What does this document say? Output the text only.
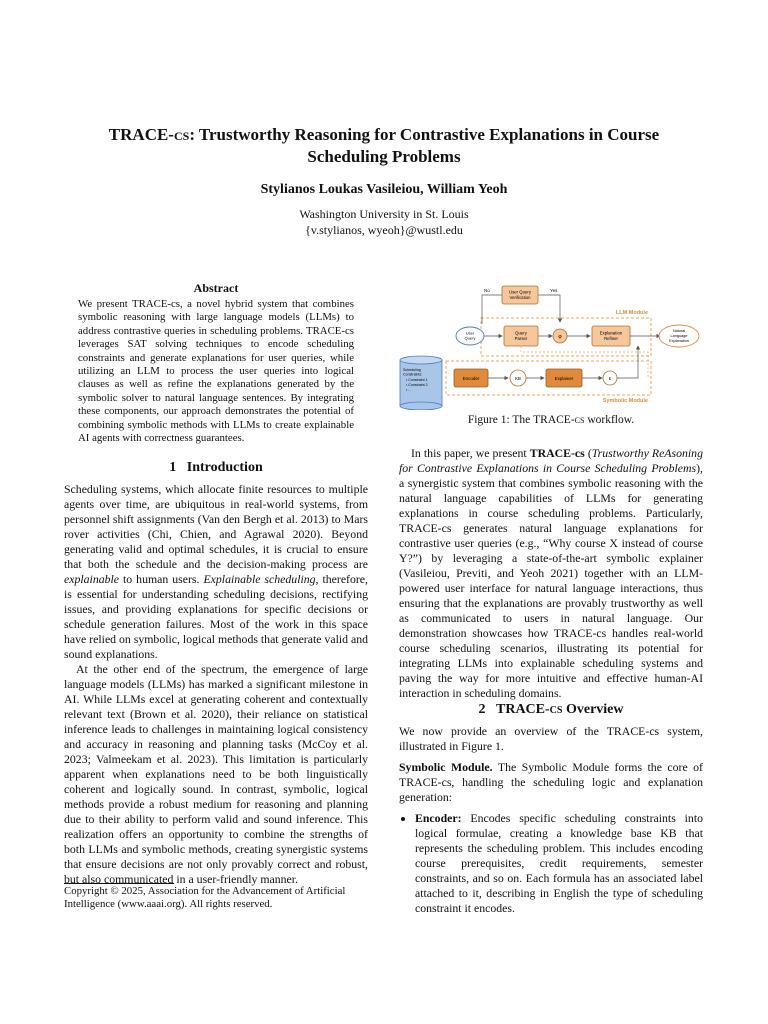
TRACE-cs: Trustworthy Reasoning for Contrastive Explanations in Course
Scheduling Problems
Stylianos Loukas Vasileiou, William Yeoh
Washington University in St. Louis
{v.stylianos, wyeoh}@wustl.edu
Abstract
We present TRACE-cs, a novel hybrid system that combines symbolic reasoning with large language models (LLMs) to address contrastive queries in scheduling problems. TRACE-cs leverages SAT solving techniques to encode scheduling constraints and generate explanations for user queries, while utilizing an LLM to process the user queries into logical clauses as well as refine the explanations generated by the symbolic solver to natural language sentences. By integrating these components, our approach demonstrates the potential of combining symbolic methods with LLMs to create explainable AI agents with correctness guarantees.
1 Introduction

Scheduling systems, which allocate finite resources to multiple agents over time, are ubiquitous in real-world systems, from personnel shift assignments (Van den Bergh et al. 2013) to Mars rover activities (Chi, Chien, and Agrawal 2020). Beyond generating valid and optimal schedules, it is crucial to ensure that both the schedule and the decision-making process are explainable to human users. Explainable scheduling, therefore, is essential for understanding scheduling decisions, rectifying issues, and providing explanations for specific decisions or schedule generation failures. Most of the work in this space have relied on symbolic, logical methods that generate valid and sound explanations.

At the other end of the spectrum, the emergence of large language models (LLMs) has marked a significant milestone in AI. While LLMs excel at generating coherent and contextually relevant text (Brown et al. 2020), their reliance on statistical inference leads to challenges in maintaining logical consistency and accuracy in reasoning and planning tasks (McCoy et al. 2023; Valmeekam et al. 2023). This limitation is particularly apparent when explanations need to be both linguistically coherent and logically sound. In contrast, symbolic, logical methods provide a robust medium for reasoning and planning due to their ability to perform valid and sound inference. This realization offers an opportunity to combine the strengths of both LLMs and symbolic methods, creating synergistic systems that ensure decisions are not only provably correct and robust, but also communicated in a user-friendly manner.

Copyright © 2025, Association for the Advancement of Artificial Intelligence (www.aaai.org). All rights reserved.
User Query
Verification
No	Yes
LLM Module
User
Query
Query
Parser	φ
Explanation
Refiner
Natural
Language
Explanation
Scheduling
Constraints:
• Constraint 1
• Constraint 2
• ...
Encoder	KB	Explainer	ε
Symbolic Module
Figure 1: The TRACE-cs workflow.

In this paper, we present TRACE-cs (Trustworthy ReAsoning for Contrastive Explanations in Course Scheduling Problems), a synergistic system that combines symbolic reasoning with the natural language capabilities of LLMs for generating explanations in course scheduling problems. Particularly, TRACE-cs generates natural language explanations for contrastive user queries (e.g., “Why course X instead of course Y?”) by leveraging a state-of-the-art symbolic explainer (Vasileiou, Previti, and Yeoh 2021) together with an LLM-powered user interface for natural language interactions, thus ensuring that the explanations are provably trustworthy as well as communicated to users in natural language. Our demonstration showcases how TRACE-cs handles real-world course scheduling scenarios, illustrating its potential for integrating LLMs into explainable scheduling systems and paving the way for more intuitive and effective human-AI interaction in scheduling domains.

2 TRACE-cs Overview

We now provide an overview of the TRACE-cs system, illustrated in Figure 1.

Symbolic Module. The Symbolic Module forms the core of TRACE-cs, handling the scheduling logic and explanation generation:

• Encoder: Encodes specific scheduling constraints into logical formulae, creating a knowledge base KB that represents the scheduling problem. This includes encoding course prerequisites, credit requirements, semester constraints, and so on. Each formula has an associated label attached to it, describing in English the type of scheduling constraint it encodes.
